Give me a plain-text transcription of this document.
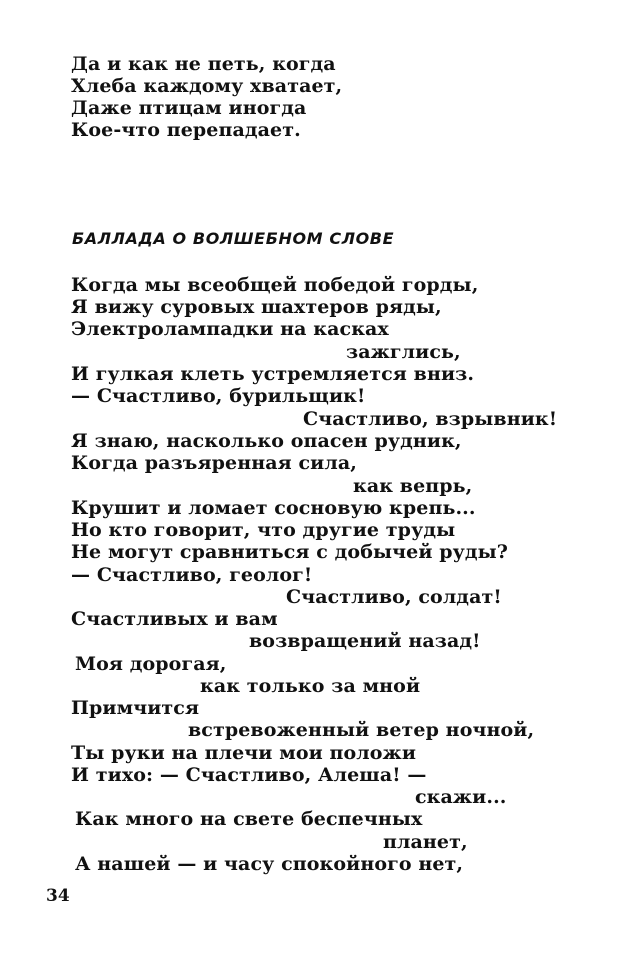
Да и как не петь, когда
Хлеба каждому хватает,
Даже птицам иногда
Кое-что перепадает.
БАЛЛАДА О ВОЛШЕБНОМ СЛОВЕ
Когда мы всеобщей победой горды,
Я вижу суровых шахтеров ряды,
Электролампадки на касках
зажглись,
И гулкая клеть устремляется вниз.
— Счастливо, бурильщик!
Счастливо, взрывник!
Я знаю, насколько опасен рудник,
Когда разъяренная сила,
как вепрь,
Крушит и ломает сосновую крепь...
Но кто говорит, что другие труды
Не могут сравниться с добычей руды?
— Счастливо, геолог!
Счастливо, солдат!
Счастливых и вам
возвращений назад!
Моя дорогая,
как только за мной
Примчится
встревоженный ветер ночной,
Ты руки на плечи мои положи
И тихо: — Счастливо, Алеша! —
скажи...
Как много на свете беспечных
планет,
А нашей — и часу спокойного нет,
34
